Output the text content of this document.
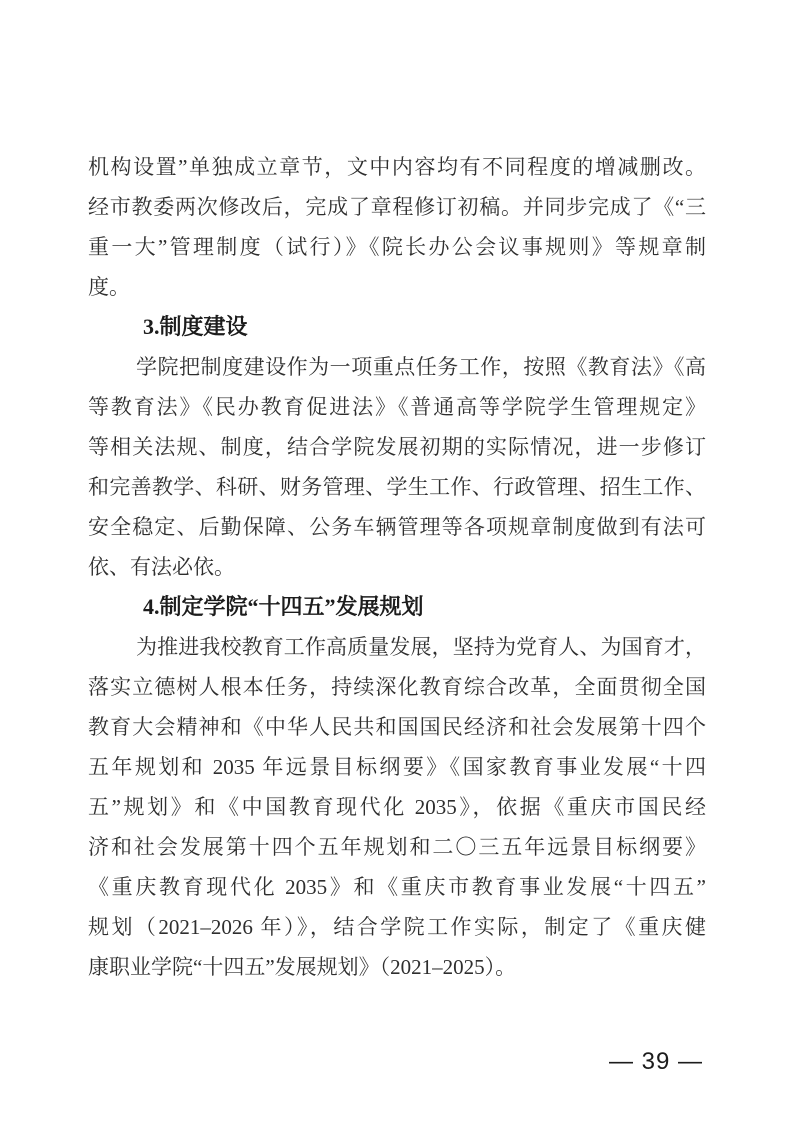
机构设置”单独成立章节，文中内容均有不同程度的增减删改。
经市教委两次修改后，完成了章程修订初稿。并同步完成了《“三
重一大”管理制度（试行）》《院长办公会议事规则》等规章制
度。
3.制度建设
学院把制度建设作为一项重点任务工作，按照《教育法》《高
等教育法》《民办教育促进法》《普通高等学院学生管理规定》
等相关法规、制度，结合学院发展初期的实际情况，进一步修订
和完善教学、科研、财务管理、学生工作、行政管理、招生工作、
安全稳定、后勤保障、公务车辆管理等各项规章制度做到有法可
依、有法必依。
4.制定学院“十四五”发展规划
为推进我校教育工作高质量发展，坚持为党育人、为国育才，
落实立德树人根本任务，持续深化教育综合改革，全面贯彻全国
教育大会精神和《中华人民共和国国民经济和社会发展第十四个
五年规划和 2035 年远景目标纲要》《国家教育事业发展“十四
五”规划》和《中国教育现代化 2035》，依据《重庆市国民经
济和社会发展第十四个五年规划和二〇三五年远景目标纲要》
《重庆教育现代化 2035》和《重庆市教育事业发展“十四五”
规划（2021–2026 年）》，结合学院工作实际，制定了《重庆健
康职业学院“十四五”发展规划》（2021–2025）。
— 39 —
